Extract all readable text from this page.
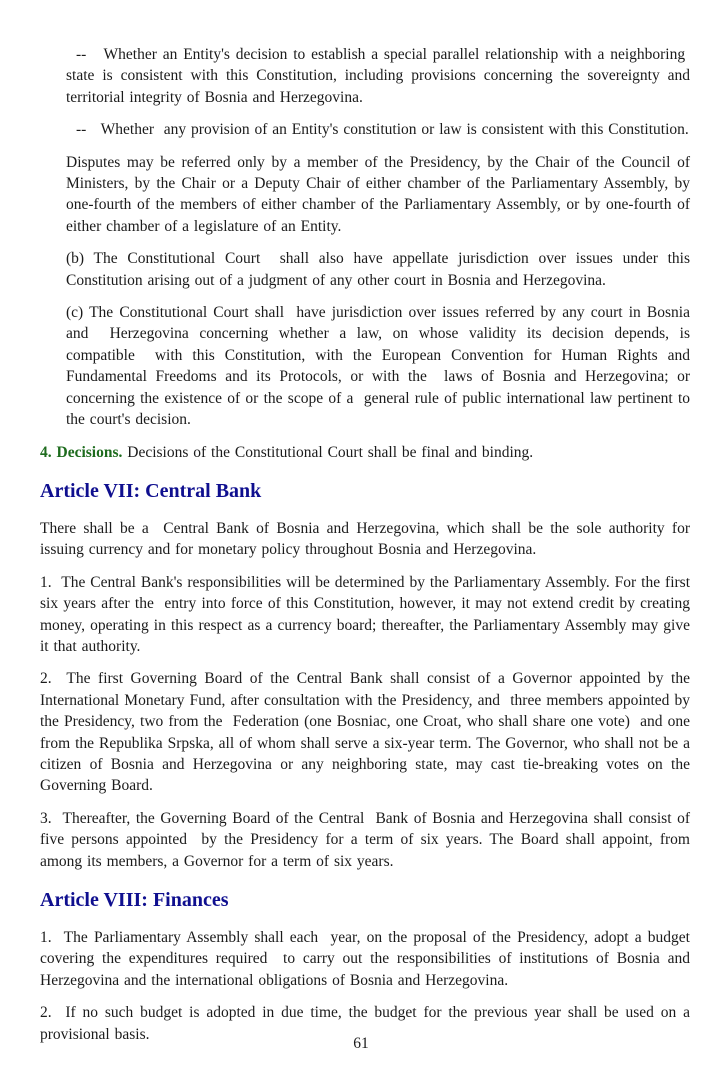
--   Whether an Entity's decision to establish a special parallel relationship with a neighboring  state is consistent with this Constitution, including provisions concerning the sovereignty and territorial integrity of Bosnia and Herzegovina.

--   Whether  any provision of an Entity's constitution or law is consistent with this Constitution.

Disputes may be referred only by a member of the Presidency, by the Chair of the Council of Ministers, by the Chair or a Deputy Chair of either chamber of the Parliamentary Assembly, by one-fourth of the members of either chamber of the Parliamentary Assembly, or by one-fourth of either chamber of a legislature of an Entity.

(b) The Constitutional Court  shall also have appellate jurisdiction over issues under this Constitution arising out of a judgment of any other court in Bosnia and Herzegovina.

(c) The Constitutional Court shall  have jurisdiction over issues referred by any court in Bosnia and  Herzegovina concerning whether a law, on whose validity its decision depends, is compatible  with this Constitution, with the European Convention for Human Rights and Fundamental Freedoms and its Protocols, or with the  laws of Bosnia and Herzegovina; or concerning the existence of or the scope of a  general rule of public international law pertinent to the court's decision.

4. Decisions. Decisions of the Constitutional Court shall be final and binding.

Article VII: Central Bank

There shall be a  Central Bank of Bosnia and Herzegovina, which shall be the sole authority for issuing currency and for monetary policy throughout Bosnia and Herzegovina.

1.  The Central Bank's responsibilities will be determined by the Parliamentary Assembly. For the first six years after the  entry into force of this Constitution, however, it may not extend credit by creating money, operating in this respect as a currency board; thereafter, the Parliamentary Assembly may give it that authority.

2.  The first Governing Board of the Central Bank shall consist of a Governor appointed by the International Monetary Fund, after consultation with the Presidency, and  three members appointed by the Presidency, two from the  Federation (one Bosniac, one Croat, who shall share one vote)  and one from the Republika Srpska, all of whom shall serve a six-year term. The Governor, who shall not be a citizen of Bosnia and Herzegovina or any neighboring state, may cast tie-breaking votes on the Governing Board.

3.  Thereafter, the Governing Board of the Central  Bank of Bosnia and Herzegovina shall consist of five persons appointed  by the Presidency for a term of six years. The Board shall appoint, from among its members, a Governor for a term of six years.

Article VIII: Finances

1.  The Parliamentary Assembly shall each  year, on the proposal of the Presidency, adopt a budget covering the expenditures required  to carry out the responsibilities of institutions of Bosnia and Herzegovina and the international obligations of Bosnia and Herzegovina.

2.  If no such budget is adopted in due time, the budget for the previous year shall be used on a provisional basis.

61
